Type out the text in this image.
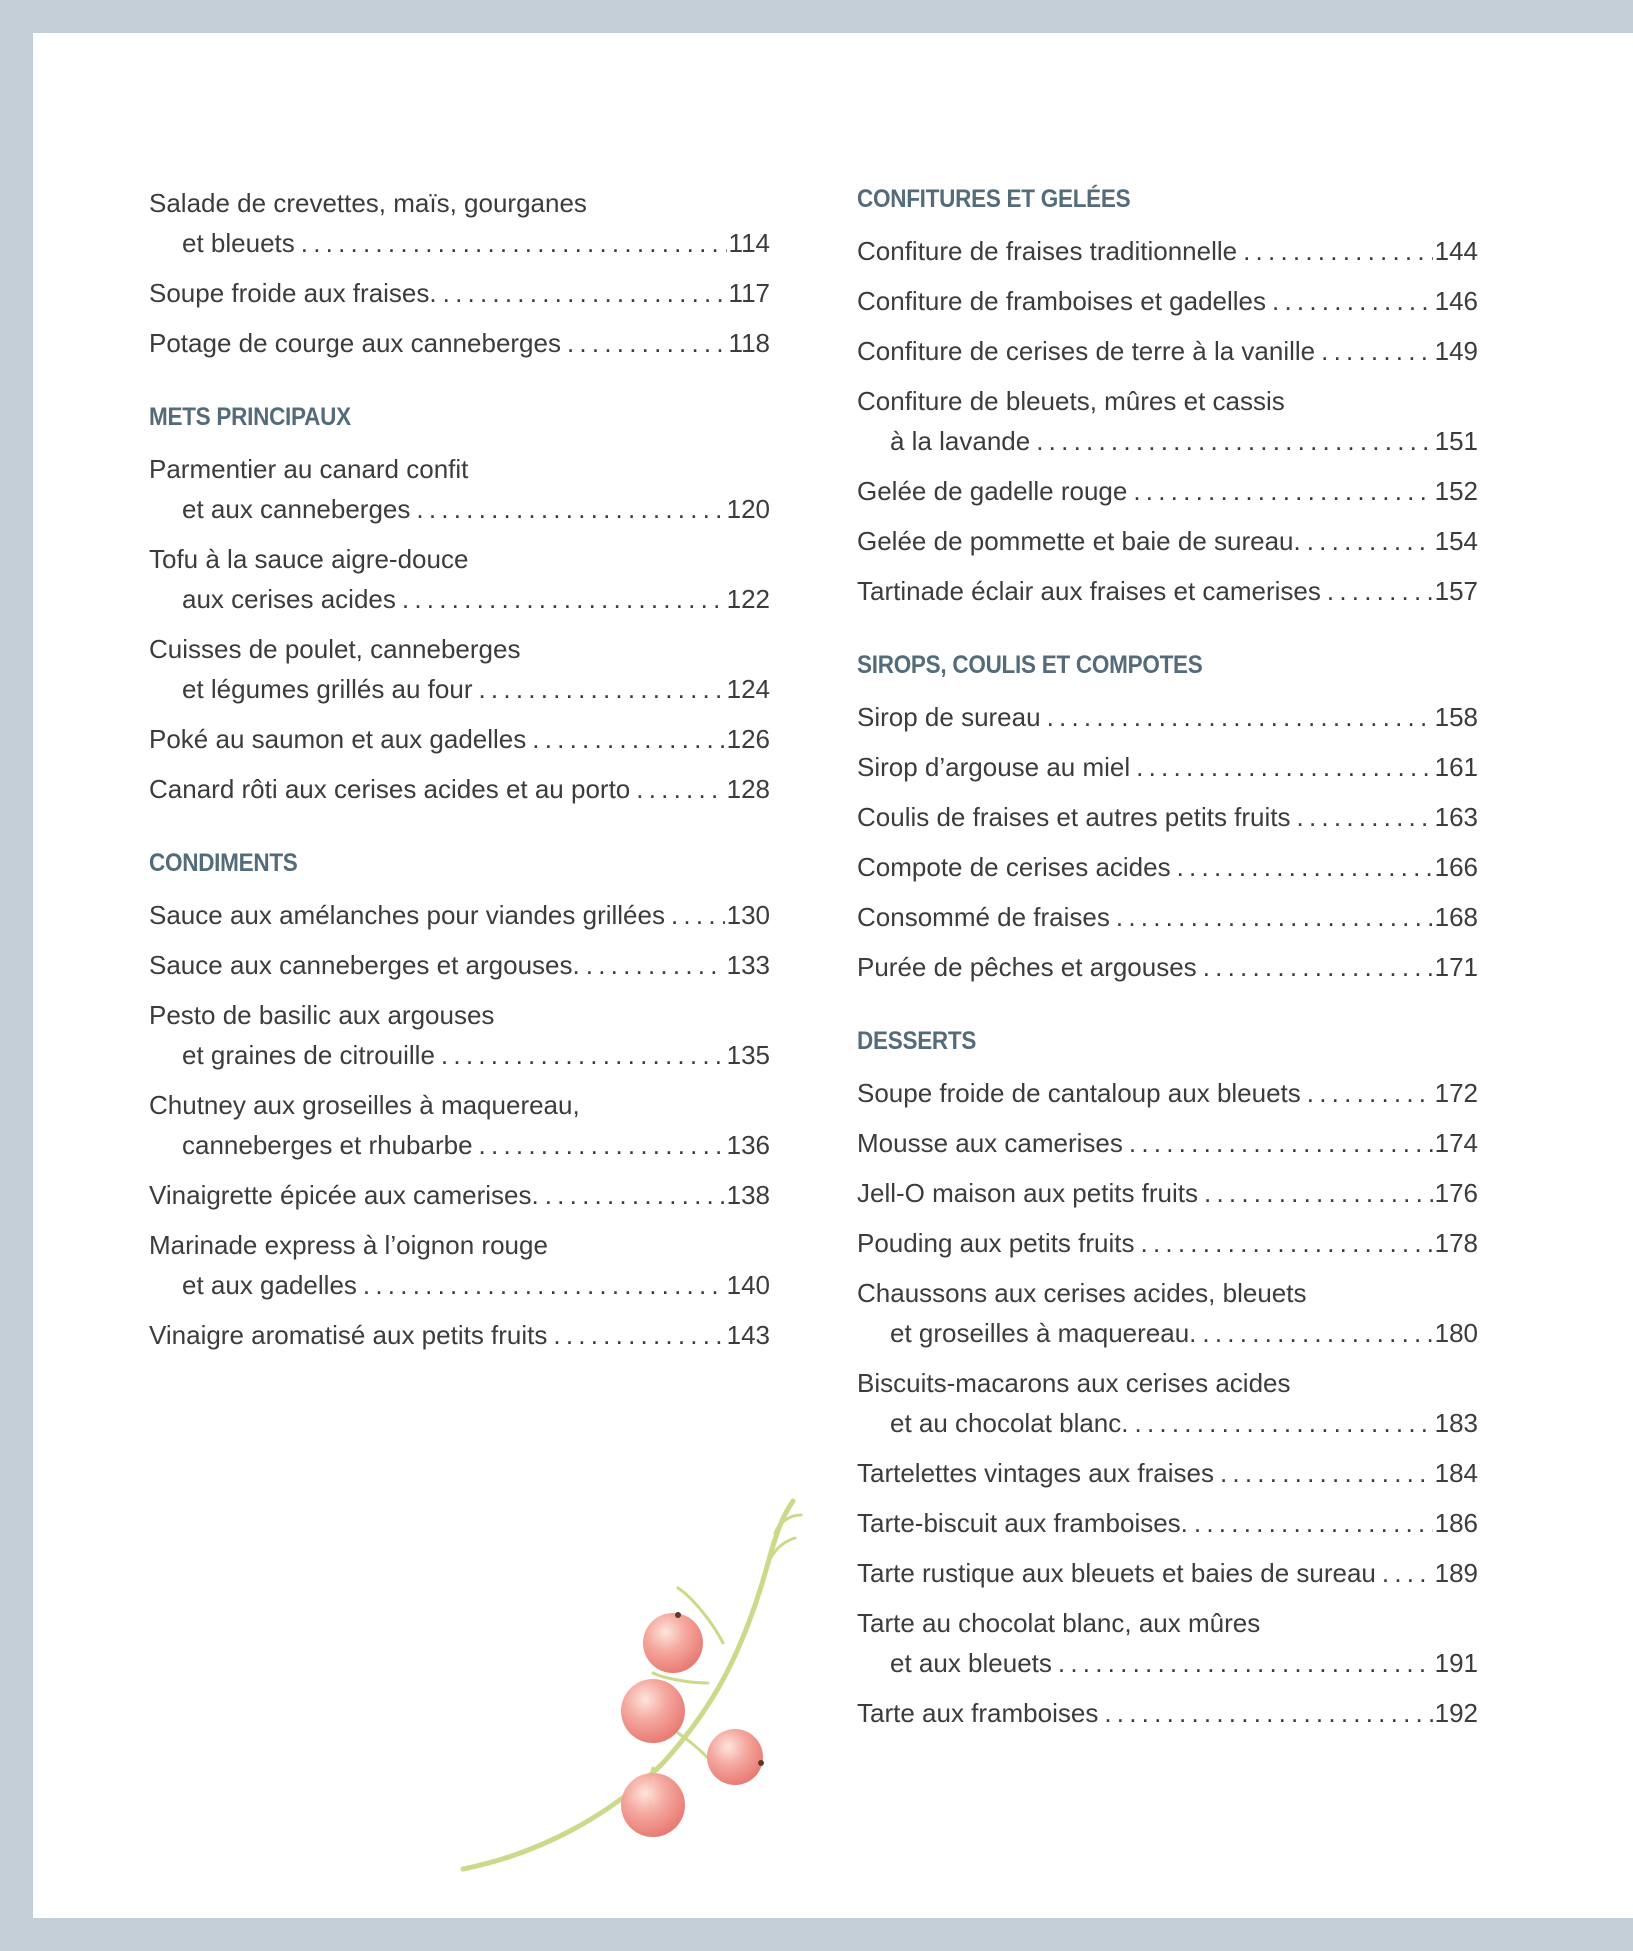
Salade de crevettes, maïs, gourganes
et bleuets . . .	114
Soupe froide aux fraises. . . .	117
Potage de courge aux canneberges . . .	118
METS PRINCIPAUX
Parmentier au canard confit
et aux canneberges . . .	120
Tofu à la sauce aigre-douce
aux cerises acides . . .	122
Cuisses de poulet, canneberges
et légumes grillés au four . . .	124
Poké au saumon et aux gadelles . . .	126
Canard rôti aux cerises acides et au porto . . .	128
CONDIMENTS
Sauce aux amélanches pour viandes grillées . . . 130
Sauce aux canneberges et argouses. . . .	133
Pesto de basilic aux argouses
et graines de citrouille . . .	135
Chutney aux groseilles à maquereau,
canneberges et rhubarbe . . .	136
Vinaigrette épicée aux camerises. . . .	138
Marinade express à l’oignon rouge
et aux gadelles . . .	140
Vinaigre aromatisé aux petits fruits . . .	143
CONFITURES ET GELÉES
Confiture de fraises traditionnelle . . .	144
Confiture de framboises et gadelles . . .	146
Confiture de cerises de terre à la vanille . . .	149
Confiture de bleuets, mûres et cassis
à la lavande . . .	151
Gelée de gadelle rouge . . .	152
Gelée de pommette et baie de sureau. . . .	154
Tartinade éclair aux fraises et camerises . . .	157
SIROPS, COULIS ET COMPOTES
Sirop de sureau . . .	158
Sirop d’argouse au miel . . .	161
Coulis de fraises et autres petits fruits . . .	163
Compote de cerises acides . . .	166
Consommé de fraises . . .	168
Purée de pêches et argouses . . .	171
DESSERTS
Soupe froide de cantaloup aux bleuets . . .	172
Mousse aux camerises . . .	174
Jell-O maison aux petits fruits . . .	176
Pouding aux petits fruits . . .	178
Chaussons aux cerises acides, bleuets
et groseilles à maquereau. . . .	180
Biscuits-macarons aux cerises acides
et au chocolat blanc. . . .	183
Tartelettes vintages aux fraises . . .	184
Tarte-biscuit aux framboises. . . .	186
Tarte rustique aux bleuets et baies de sureau . . . 189
Tarte au chocolat blanc, aux mûres
et aux bleuets . . .	191
Tarte aux framboises . . .	192
